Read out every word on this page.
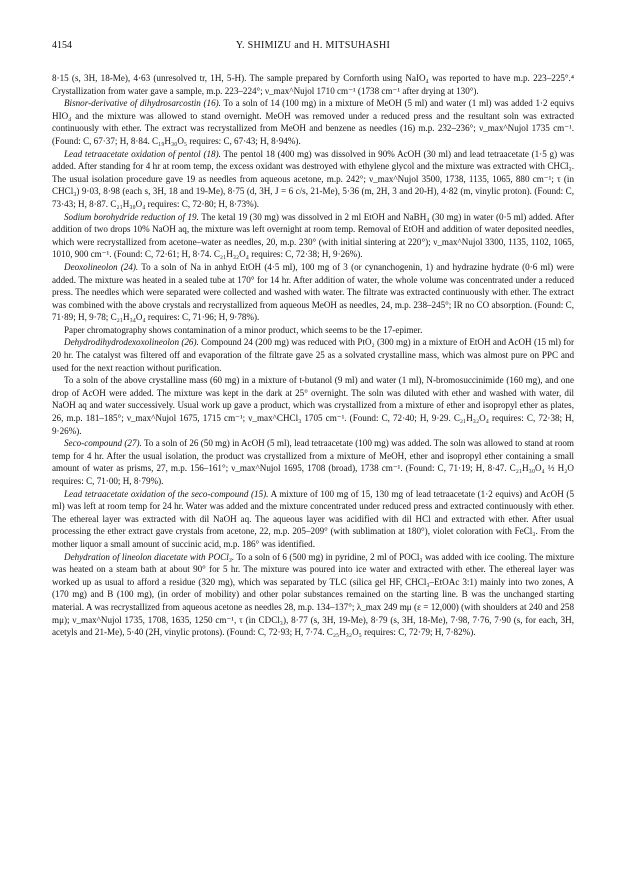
4154	Y. SHIMIZU and H. MITSUHASHI

8·15 (s, 3H, 18-Me), 4·63 (unresolved tr, 1H, 5-H). The sample prepared by Cornforth using NaIO₄ was reported to have m.p. 223–225°.⁴ Crystallization from water gave a sample, m.p. 223–224°; ν_max^Nujol 1710 cm⁻¹ (1738 cm⁻¹ after drying at 130°).

Bisnor-derivative of dihydrosarcostin (16). To a soln of 14 (100 mg) in a mixture of MeOH (5 ml) and water (1 ml) was added 1·2 equivs HIO₄ and the mixture was allowed to stand overnight. MeOH was removed under a reduced press and the resultant soln was extracted continuously with ether. The extract was recrystallized from MeOH and benzene as needles (16) m.p. 232–236°; ν_max^Nujol 1735 cm⁻¹. (Found: C, 67·37; H, 8·84. C₁₉H₃₀O₅ requires: C, 67·43; H, 8·94%).

Lead tetraacetate oxidation of pentol (18). The pentol 18 (400 mg) was dissolved in 90% AcOH (30 ml) and lead tetraacetate (1·5 g) was added. After standing for 4 hr at room temp, the excess oxidant was destroyed with ethylene glycol and the mixture was extracted with CHCl₃. The usual isolation procedure gave 19 as needles from aqueous acetone, m.p. 242°; ν_max^Nujol 3500, 1738, 1135, 1065, 880 cm⁻¹; τ (in CHCl₃) 9·03, 8·98 (each s, 3H, 18 and 19-Me), 8·75 (d, 3H, J = 6 c/s, 21-Me), 5·36 (m, 2H, 3 and 20-H), 4·82 (m, vinylic proton). (Found: C, 73·43; H, 8·87. C₂₁H₃₀O₄ requires: C, 72·80; H, 8·73%).

Sodium borohydride reduction of 19. The ketal 19 (30 mg) was dissolved in 2 ml EtOH and NaBH₄ (30 mg) in water (0·5 ml) added. After addition of two drops 10% NaOH aq, the mixture was left overnight at room temp. Removal of EtOH and addition of water deposited needles, which were recrystallized from acetone–water as needles, 20, m.p. 230° (with initial sintering at 220°); ν_max^Nujol 3300, 1135, 1102, 1065, 1010, 900 cm⁻¹. (Found: C, 72·61; H, 8·74. C₂₁H₃₂O₄ requires: C, 72·38; H, 9·26%).

Deoxolineolon (24). To a soln of Na in anhyd EtOH (4·5 ml), 100 mg of 3 (or cynanchogenin, 1) and hydrazine hydrate (0·6 ml) were added. The mixture was heated in a sealed tube at 170° for 14 hr. After addition of water, the whole volume was concentrated under a reduced press. The needles which were separated were collected and washed with water. The filtrate was extracted continuously with ether. The extract was combined with the above crystals and recrystallized from aqueous MeOH as needles, 24, m.p. 238–245°; IR no CO absorption. (Found: C, 71·89; H, 9·78; C₂₁H₃₄O₄ requires: C, 71·96; H, 9·78%).

Paper chromatography shows contamination of a minor product, which seems to be the 17-epimer.

Dehydrodihydrodexoxolineolon (26). Compound 24 (200 mg) was reduced with PtO₂ (300 mg) in a mixture of EtOH and AcOH (15 ml) for 20 hr. The catalyst was filtered off and evaporation of the filtrate gave 25 as a solvated crystalline mass, which was almost pure on PPC and used for the next reaction without purification.

To a soln of the above crystalline mass (60 mg) in a mixture of t-butanol (9 ml) and water (1 ml), N-bromosuccinimide (160 mg), and one drop of AcOH were added. The mixture was kept in the dark at 25° overnight. The soln was diluted with ether and washed with water, dil NaOH aq and water successively. Usual work up gave a product, which was crystallized from a mixture of ether and isopropyl ether as plates, 26, m.p. 181–185°; ν_max^Nujol 1675, 1715 cm⁻¹; ν_max^CHCl₃ 1705 cm⁻¹. (Found: C, 72·40; H, 9·29. C₂₁H₃₂O₄ requires: C, 72·38; H, 9·26%).

Seco-compound (27). To a soln of 26 (50 mg) in AcOH (5 ml), lead tetraacetate (100 mg) was added. The soln was allowed to stand at room temp for 4 hr. After the usual isolation, the product was crystallized from a mixture of MeOH, ether and isopropyl ether containing a small amount of water as prisms, 27, m.p. 156–161°; ν_max^Nujol 1695, 1708 (broad), 1738 cm⁻¹. (Found: C, 71·19; H, 8·47. C₂₁H₃₀O₄ ½ H₂O requires: C, 71·00; H, 8·79%).

Lead tetraacetate oxidation of the seco-compound (15). A mixture of 100 mg of 15, 130 mg of lead tetraacetate (1·2 equivs) and AcOH (5 ml) was left at room temp for 24 hr. Water was added and the mixture concentrated under reduced press and extracted continuously with ether. The ethereal layer was extracted with dil NaOH aq. The aqueous layer was acidified with dil HCl and extracted with ether. After usual processing the ether extract gave crystals from acetone, 22, m.p. 205–209° (with sublimation at 180°), violet coloration with FeCl₃. From the mother liquor a small amount of succinic acid, m.p. 186° was identified.

Dehydration of lineolon diacetate with POCl₃. To a soln of 6 (500 mg) in pyridine, 2 ml of POCl₃ was added with ice cooling. The mixture was heated on a steam bath at about 90° for 5 hr. The mixture was poured into ice water and extracted with ether. The ethereal layer was worked up as usual to afford a residue (320 mg), which was separated by TLC (silica gel HF, CHCl₃–EtOAc 3:1) mainly into two zones, A (170 mg) and B (100 mg), (in order of mobility) and other polar substances remained on the starting line. B was the unchanged starting material. A was recrystallized from aqueous acetone as needles 28, m.p. 134–137°; λ_max 249 mμ (ε = 12,000) (with shoulders at 240 and 258 mμ); ν_max^Nujol 1735, 1708, 1635, 1250 cm⁻¹, τ (in CDCl₃), 8·77 (s, 3H, 19-Me), 8·79 (s, 3H, 18-Me), 7·98, 7·76, 7·90 (s, for each, 3H, acetyls and 21-Me), 5·40 (2H, vinylic protons). (Found: C, 72·93; H, 7·74. C₂₅H₃₂O₅ requires: C, 72·79; H, 7·82%).
